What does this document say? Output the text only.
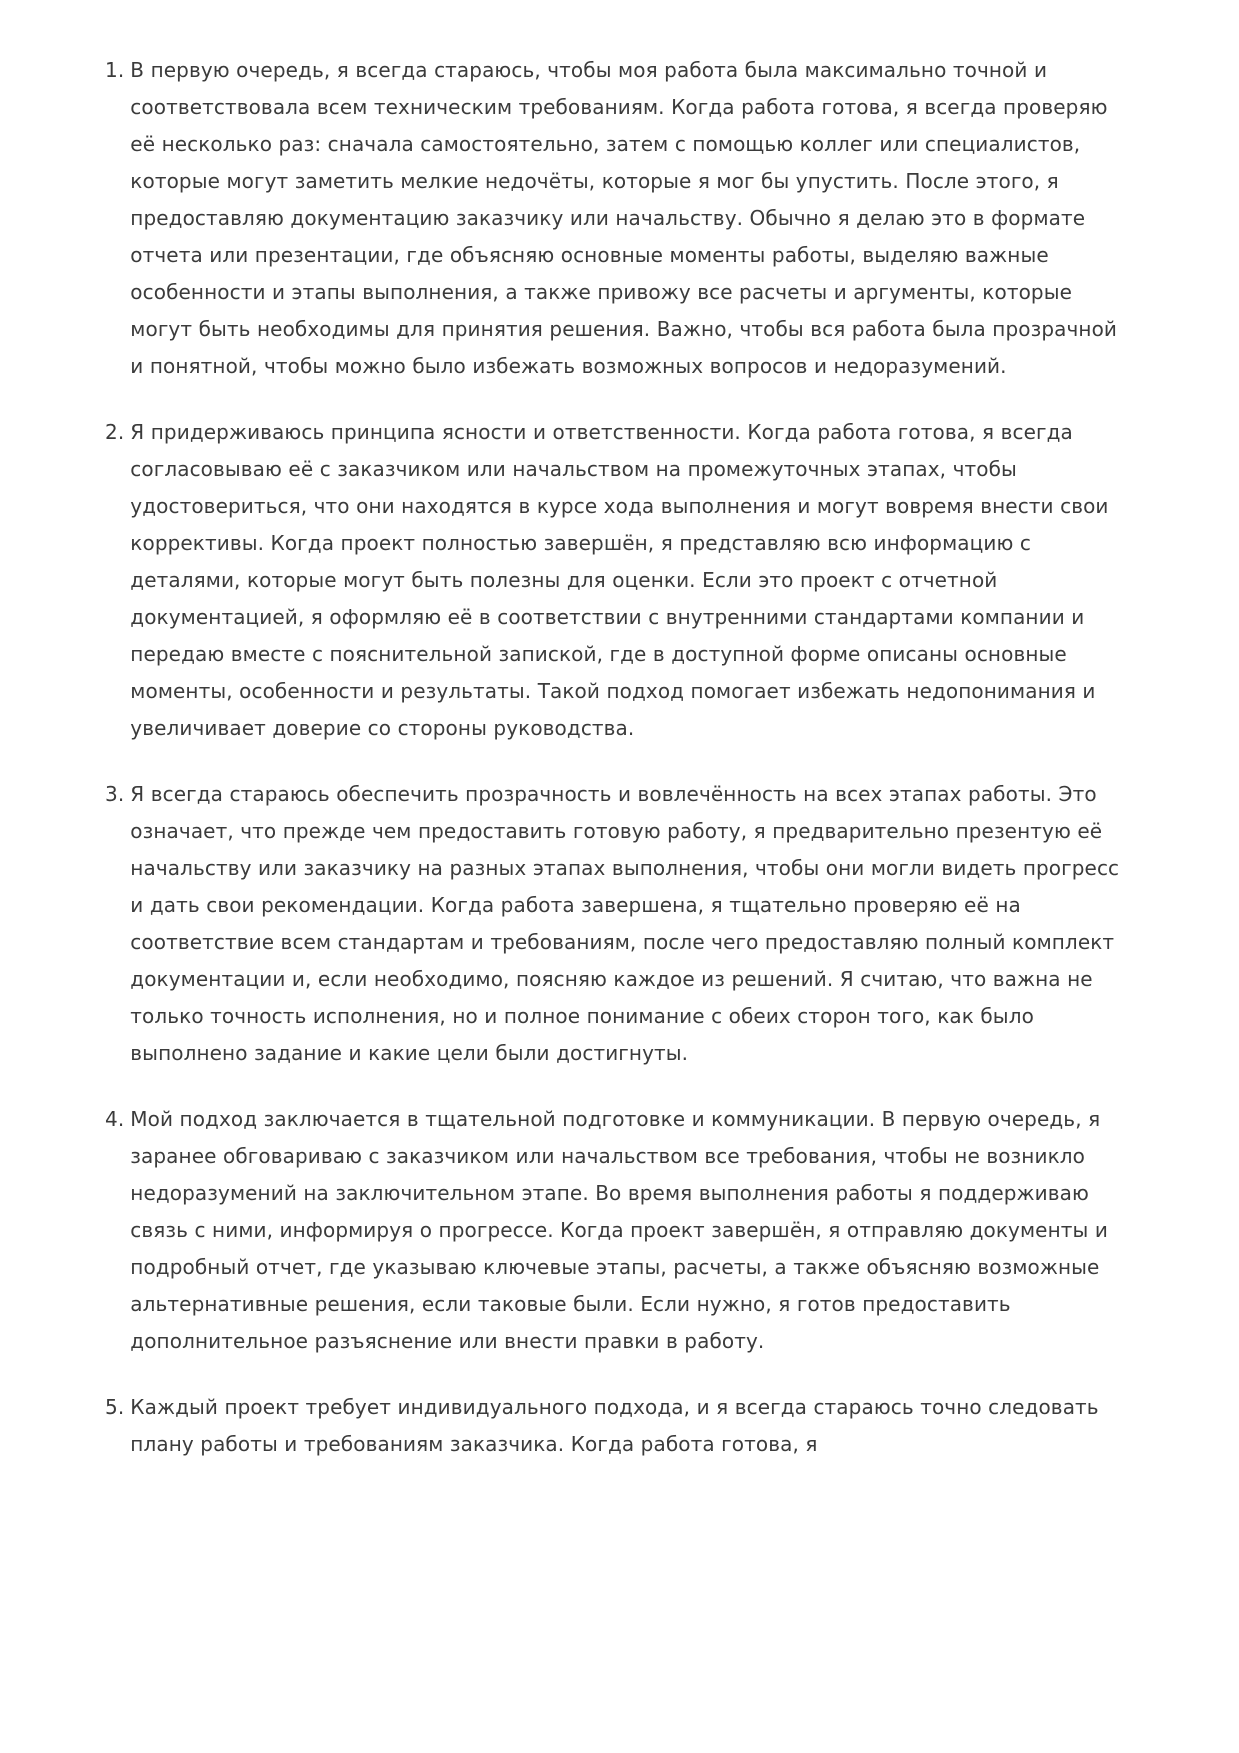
1. В первую очередь, я всегда стараюсь, чтобы моя работа была максимально точной и соответствовала всем техническим требованиям. Когда работа готова, я всегда проверяю её несколько раз: сначала самостоятельно, затем с помощью коллег или специалистов, которые могут заметить мелкие недочёты, которые я мог бы упустить. После этого, я предоставляю документацию заказчику или начальству. Обычно я делаю это в формате отчета или презентации, где объясняю основные моменты работы, выделяю важные особенности и этапы выполнения, а также привожу все расчеты и аргументы, которые могут быть необходимы для принятия решения. Важно, чтобы вся работа была прозрачной и понятной, чтобы можно было избежать возможных вопросов и недоразумений.
2. Я придерживаюсь принципа ясности и ответственности. Когда работа готова, я всегда согласовываю её с заказчиком или начальством на промежуточных этапах, чтобы удостовериться, что они находятся в курсе хода выполнения и могут вовремя внести свои коррективы. Когда проект полностью завершён, я представляю всю информацию с деталями, которые могут быть полезны для оценки. Если это проект с отчетной документацией, я оформляю её в соответствии с внутренними стандартами компании и передаю вместе с пояснительной запиской, где в доступной форме описаны основные моменты, особенности и результаты. Такой подход помогает избежать недопонимания и увеличивает доверие со стороны руководства.
3. Я всегда стараюсь обеспечить прозрачность и вовлечённость на всех этапах работы. Это означает, что прежде чем предоставить готовую работу, я предварительно презентую её начальству или заказчику на разных этапах выполнения, чтобы они могли видеть прогресс и дать свои рекомендации. Когда работа завершена, я тщательно проверяю её на соответствие всем стандартам и требованиям, после чего предоставляю полный комплект документации и, если необходимо, поясняю каждое из решений. Я считаю, что важна не только точность исполнения, но и полное понимание с обеих сторон того, как было выполнено задание и какие цели были достигнуты.
4. Мой подход заключается в тщательной подготовке и коммуникации. В первую очередь, я заранее обговариваю с заказчиком или начальством все требования, чтобы не возникло недоразумений на заключительном этапе. Во время выполнения работы я поддерживаю связь с ними, информируя о прогрессе. Когда проект завершён, я отправляю документы и подробный отчет, где указываю ключевые этапы, расчеты, а также объясняю возможные альтернативные решения, если таковые были. Если нужно, я готов предоставить дополнительное разъяснение или внести правки в работу.
5. Каждый проект требует индивидуального подхода, и я всегда стараюсь точно следовать плану работы и требованиям заказчика. Когда работа готова, я
